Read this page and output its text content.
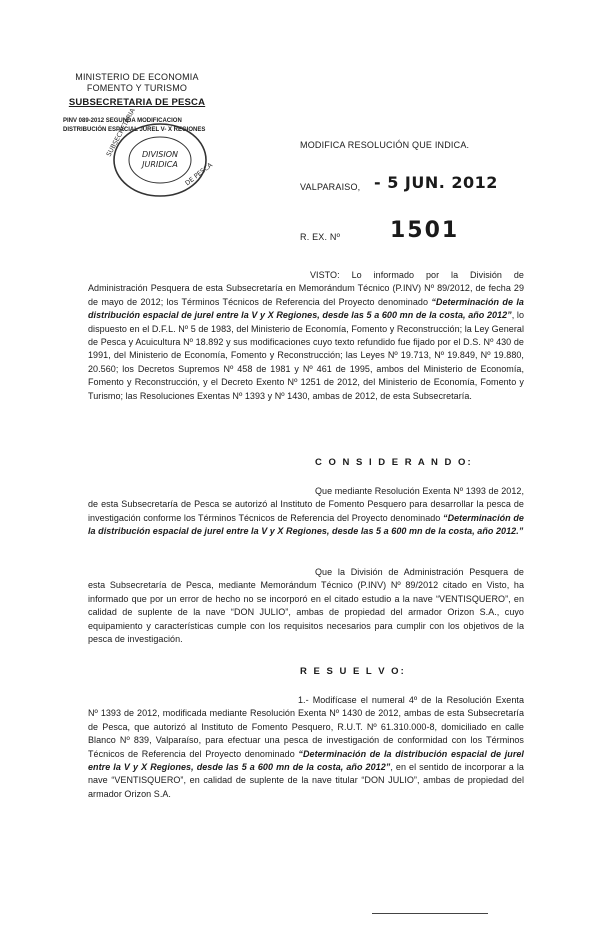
MINISTERIO DE ECONOMIA
FOMENTO Y TURISMO
SUBSECRETARIA DE PESCA
PINV 089-2012 SEGUNDA MODIFICACION
DISTRIBUCIÓN ESPACIAL JUREL V- X REGIONES
SUBSECRETARIA
DE PESCA
DIVISION
JURIDICA
MODIFICA RESOLUCIÓN QUE INDICA.
VALPARAISO, - 5 JUN. 2012
R. EX. Nº 1501
VISTO: Lo informado por la División de Administración Pesquera de esta Subsecretaría en Memorándum Técnico (P.INV) Nº 89/2012, de fecha 29 de mayo de 2012; los Términos Técnicos de Referencia del Proyecto denominado “Determinación de la distribución espacial de jurel entre la V y X Regiones, desde las 5 a 600 mn de la costa, año 2012”, lo dispuesto en el D.F.L. Nº 5 de 1983, del Ministerio de Economía, Fomento y Reconstrucción; la Ley General de Pesca y Acuicultura Nº 18.892 y sus modificaciones cuyo texto refundido fue fijado por el D.S. Nº 430 de 1991, del Ministerio de Economía, Fomento y Reconstrucción; las Leyes Nº 19.713, Nº 19.849, Nº 19.880, 20.560; los Decretos Supremos Nº 458 de 1981 y Nº 461 de 1995, ambos del Ministerio de Economía, Fomento y Reconstrucción, y el Decreto Exento Nº 1251 de 2012, del Ministerio de Economía, Fomento y Turismo; las Resoluciones Exentas Nº 1393 y Nº 1430, ambas de 2012, de esta Subsecretaría.
C O N S I D E R A N D O:
Que mediante Resolución Exenta Nº 1393 de 2012, de esta Subsecretaría de Pesca se autorizó al Instituto de Fomento Pesquero para desarrollar la pesca de investigación conforme los Términos Técnicos de Referencia del Proyecto denominado “Determinación de la distribución espacial de jurel entre la V y X Regiones, desde las 5 a 600 mn de la costa, año 2012.”
Que la División de Administración Pesquera de esta Subsecretaría de Pesca, mediante Memorándum Técnico (P.INV) Nº 89/2012 citado en Visto, ha informado que por un error de hecho no se incorporó en el citado estudio a la nave “VENTISQUERO”, en calidad de suplente de la nave “DON JULIO”, ambas de propiedad del armador Orizon S.A., cuyo equipamiento y características cumple con los requisitos necesarios para cumplir con los objetivos de la pesca de investigación.
R E S U E L V O:
1.- Modifícase el numeral 4º de la Resolución Exenta Nº 1393 de 2012, modificada mediante Resolución Exenta Nº 1430 de 2012, ambas de esta Subsecretaría de Pesca, que autorizó al Instituto de Fomento Pesquero, R.U.T. Nº 61.310.000-8, domiciliado en calle Blanco Nº 839, Valparaíso, para efectuar una pesca de investigación de conformidad con los Términos Técnicos de Referencia del Proyecto denominado “Determinación de la distribución espacial de jurel entre la V y X Regiones, desde las 5 a 600 mn de la costa, año 2012”, en el sentido de incorporar a la nave “VENTISQUERO”, en calidad de suplente de la nave titular “DON JULIO”, ambas de propiedad del armador Orizon S.A.
